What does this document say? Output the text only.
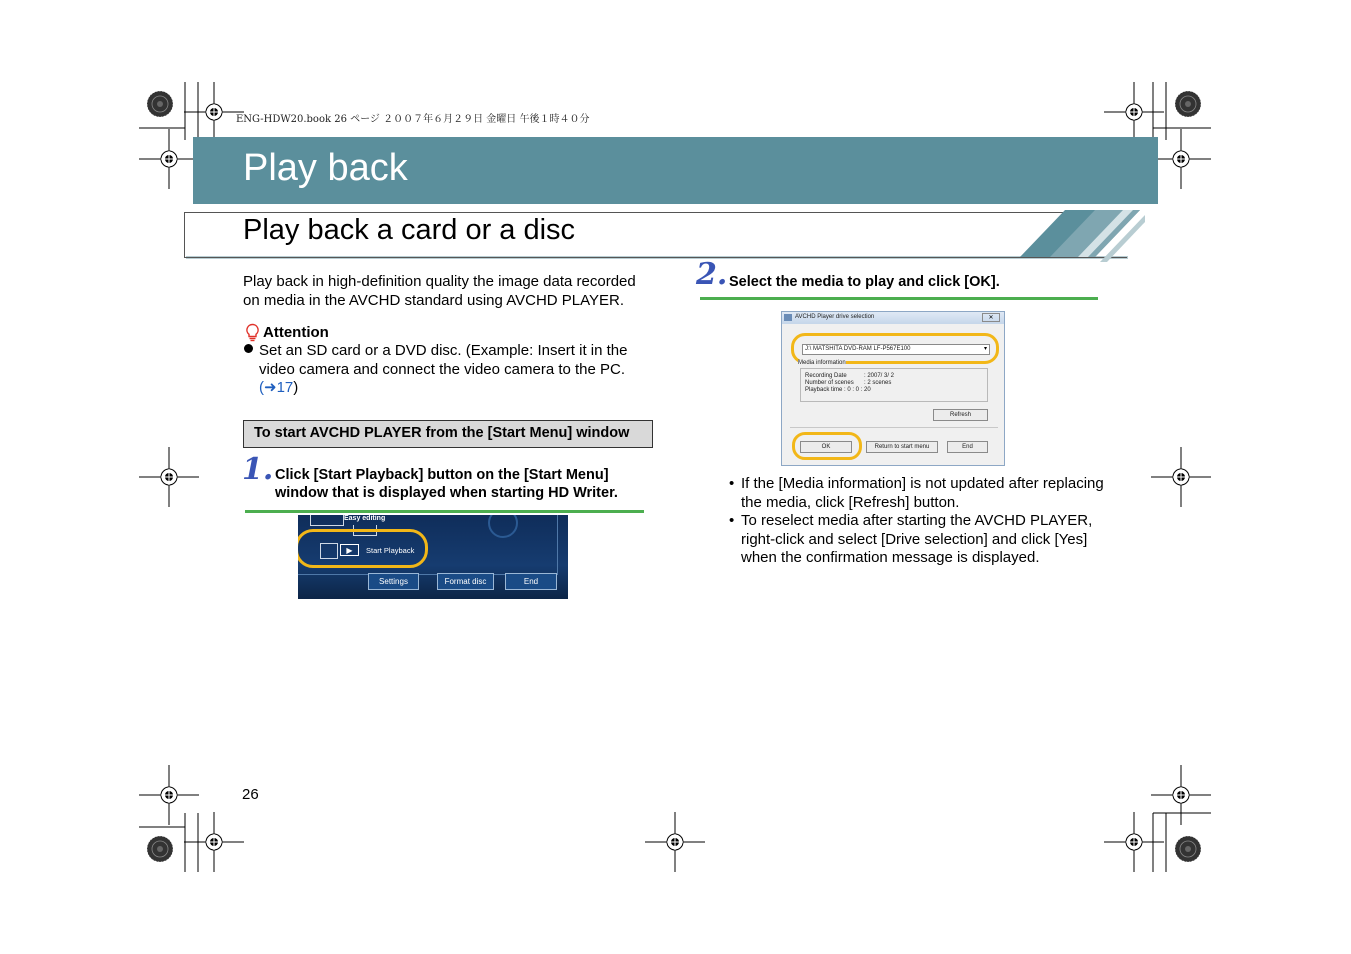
ENG-HDW20.book 26 ページ ２００７年６月２９日 金曜日 午後１時４０分
Play back
Play back a card or a disc
Play back in high-definition quality the image data recorded
on media in the AVCHD standard using AVCHD PLAYER.
Attention
Set an SD card or a DVD disc. (Example: Insert it in the
video camera and connect the video camera to the PC.
(➜17)
To start AVCHD PLAYER from the [Start Menu] window
1. Click [Start Playback] button on the [Start Menu]
window that is displayed when starting HD Writer.
Easy editing
▶	Start Playback
Settings	Format disc	End
2. Select the media to play and click [OK].
AVCHD Player drive selection	✕
J:\ MATSHITA DVD-RAM LF-P567E100	▾
Media information
Recording Date	: 2007/ 3/ 2
Number of scenes : 2 scenes
Playback time : 0 : 0 : 20
Refresh
OK	Return to start menu	End
• If the [Media information] is not updated after replacing
the media, click [Refresh] button.
• To reselect media after starting the AVCHD PLAYER,
right-click and select [Drive selection] and click [Yes]
when the confirmation message is displayed.
26
